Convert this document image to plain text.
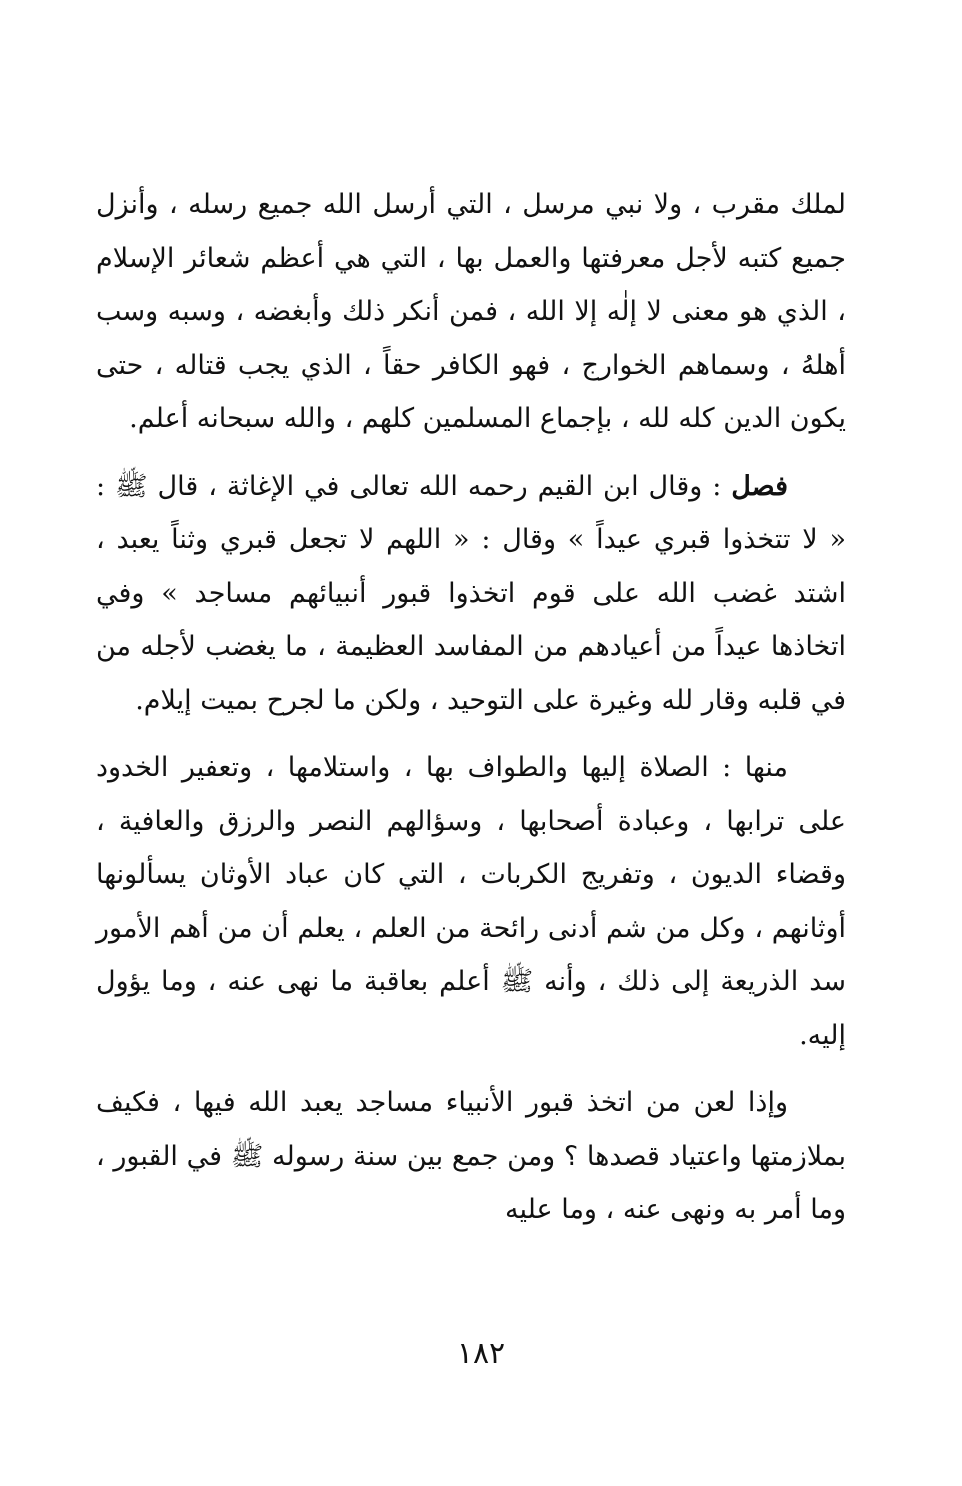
لملك مقرب ، ولا نبي مرسل ، التي أرسل الله جميع رسله ، وأنزل جميع كتبه لأجل معرفتها والعمل بها ، التي هي أعظم شعائر الإسلام ، الذي هو معنى لا إلٰه إلا الله ، فمن أنكر ذلك وأبغضه ، وسبه وسب أهلهُ ، وسماهم الخوارج ، فهو الكافر حقاً ، الذي يجب قتاله ، حتى يكون الدين كله لله ، بإجماع المسلمين كلهم ، والله سبحانه أعلم.

فصل : وقال ابن القيم رحمه الله تعالى في الإغاثة ، قال ﷺ : « لا تتخذوا قبري عيداً » وقال : « اللهم لا تجعل قبري وثناً يعبد ، اشتد غضب الله على قوم اتخذوا قبور أنبيائهم مساجد » وفي اتخاذها عيداً من أعيادهم من المفاسد العظيمة ، ما يغضب لأجله من في قلبه وقار لله وغيرة على التوحيد ، ولكن ما لجرح بميت إيلام.

منها : الصلاة إليها والطواف بها ، واستلامها ، وتعفير الخدود على ترابها ، وعبادة أصحابها ، وسؤالهم النصر والرزق والعافية ، وقضاء الديون ، وتفريج الكربات ، التي كان عباد الأوثان يسألونها أوثانهم ، وكل من شم أدنى رائحة من العلم ، يعلم أن من أهم الأمور سد الذريعة إلى ذلك ، وأنه ﷺ أعلم بعاقبة ما نهى عنه ، وما يؤول إليه.

وإذا لعن من اتخذ قبور الأنبياء مساجد يعبد الله فيها ، فكيف بملازمتها واعتياد قصدها ؟ ومن جمع بين سنة رسوله ﷺ في القبور ، وما أمر به ونهى عنه ، وما عليه

١٨٢
